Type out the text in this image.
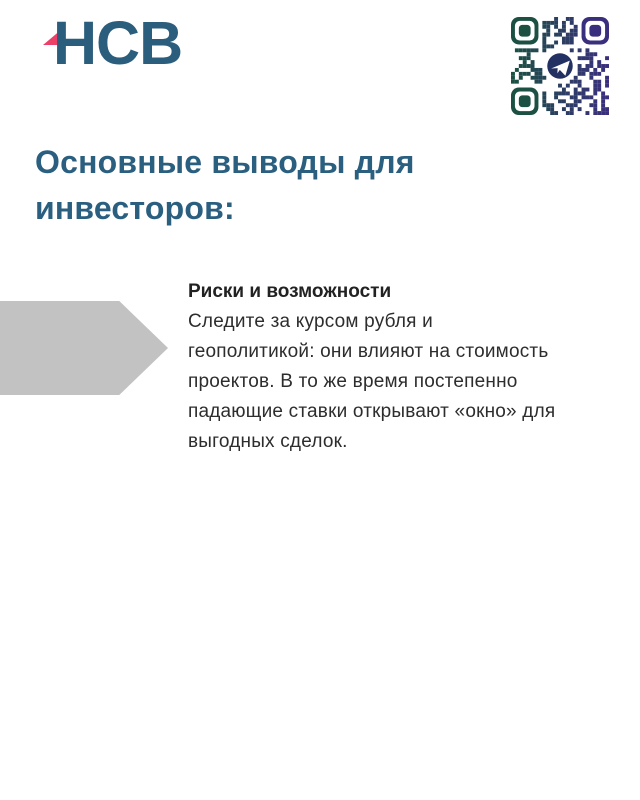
НСВ
Основные выводы для инвесторов:
Риски и возможности
Следите за курсом рубля и геополитикой: они влияют на стоимость проектов. В то же время постепенно падающие ставки открывают «окно» для выгодных сделок.
